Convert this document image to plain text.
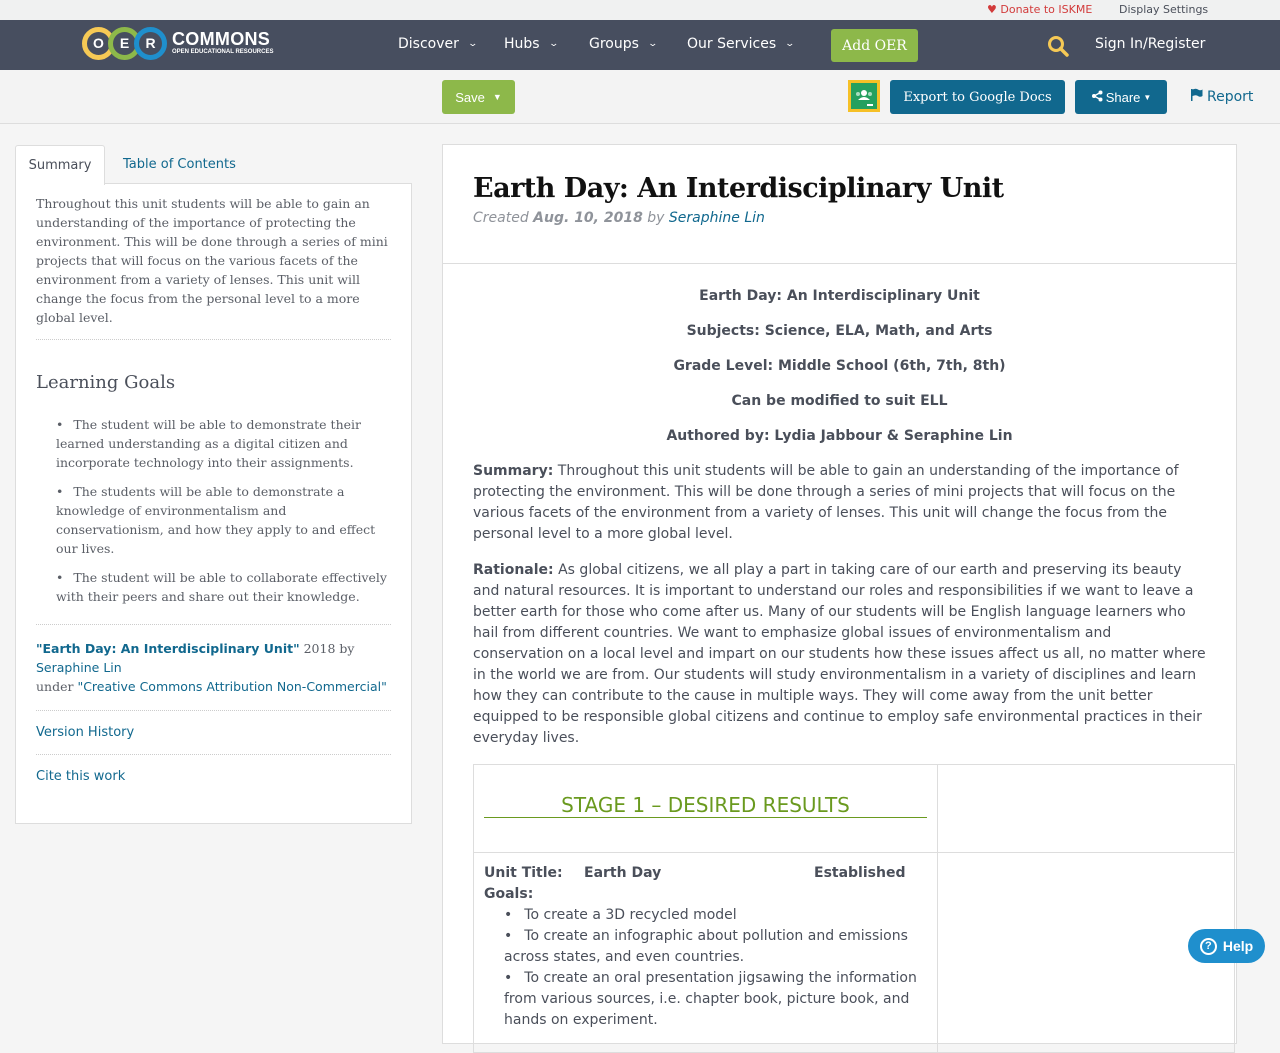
♥ Donate to ISKME Display Settings
O	E	R COMMONS
OPEN EDUCATIONAL RESOURCES	Discover ⌄ Hubs ⌄ Groups ⌄ Our Services ⌄	Add OER	Sign In/Register
Save ▼	Export to Google Docs	Share ▼	Report
Summary	Table of Contents

Throughout this unit students will be able to gain an understanding of the importance of protecting the environment. This will be done through a series of mini projects that will focus on the various facets of the environment from a variety of lenses. This unit will change the focus from the personal level to a more global level.

Learning Goals
• The student will be able to demonstrate their learned understanding as a digital citizen and incorporate technology into their assignments.
• The students will be able to demonstrate a knowledge of environmentalism and conservationism, and how they apply to and effect our lives.
• The student will be able to collaborate effectively with their peers and share out their knowledge.
"Earth Day: An Interdisciplinary Unit" 2018 by
Seraphine Lin
under "Creative Commons Attribution Non-Commercial"
Version History
Cite this work
Earth Day: An Interdisciplinary Unit
Created Aug. 10, 2018 by Seraphine Lin

Earth Day: An Interdisciplinary Unit

Subjects: Science, ELA, Math, and Arts

Grade Level: Middle School (6th, 7th, 8th)

Can be modified to suit ELL

Authored by: Lydia Jabbour & Seraphine Lin

Summary: Throughout this unit students will be able to gain an understanding of the importance of protecting the environment. This will be done through a series of mini projects that will focus on the various facets of the environment from a variety of lenses. This unit will change the focus from the personal level to a more global level.

Rationale: As global citizens, we all play a part in taking care of our earth and preserving its beauty and natural resources. It is important to understand our roles and responsibilities if we want to leave a better earth for those who come after us. Many of our students will be English language learners who hail from different countries. We want to emphasize global issues of environmentalism and conservation on a local level and impart on our students how these issues affect us all, no matter where in the world we are from. Our students will study environmentalism in a variety of disciplines and learn how they can contribute to the cause in multiple ways. They will come away from the unit better equipped to be responsible global citizens and continue to employ safe environmental practices in their everyday lives.

STAGE 1 – DESIRED RESULTS	

Unit Title:	Earth Day	Established
Goals:
• To create a 3D recycled model
• To create an infographic about pollution and emissions across states, and even countries.
• To create an oral presentation jigsawing the information from various sources, i.e. chapter book, picture book, and hands on experiment.

? Help
